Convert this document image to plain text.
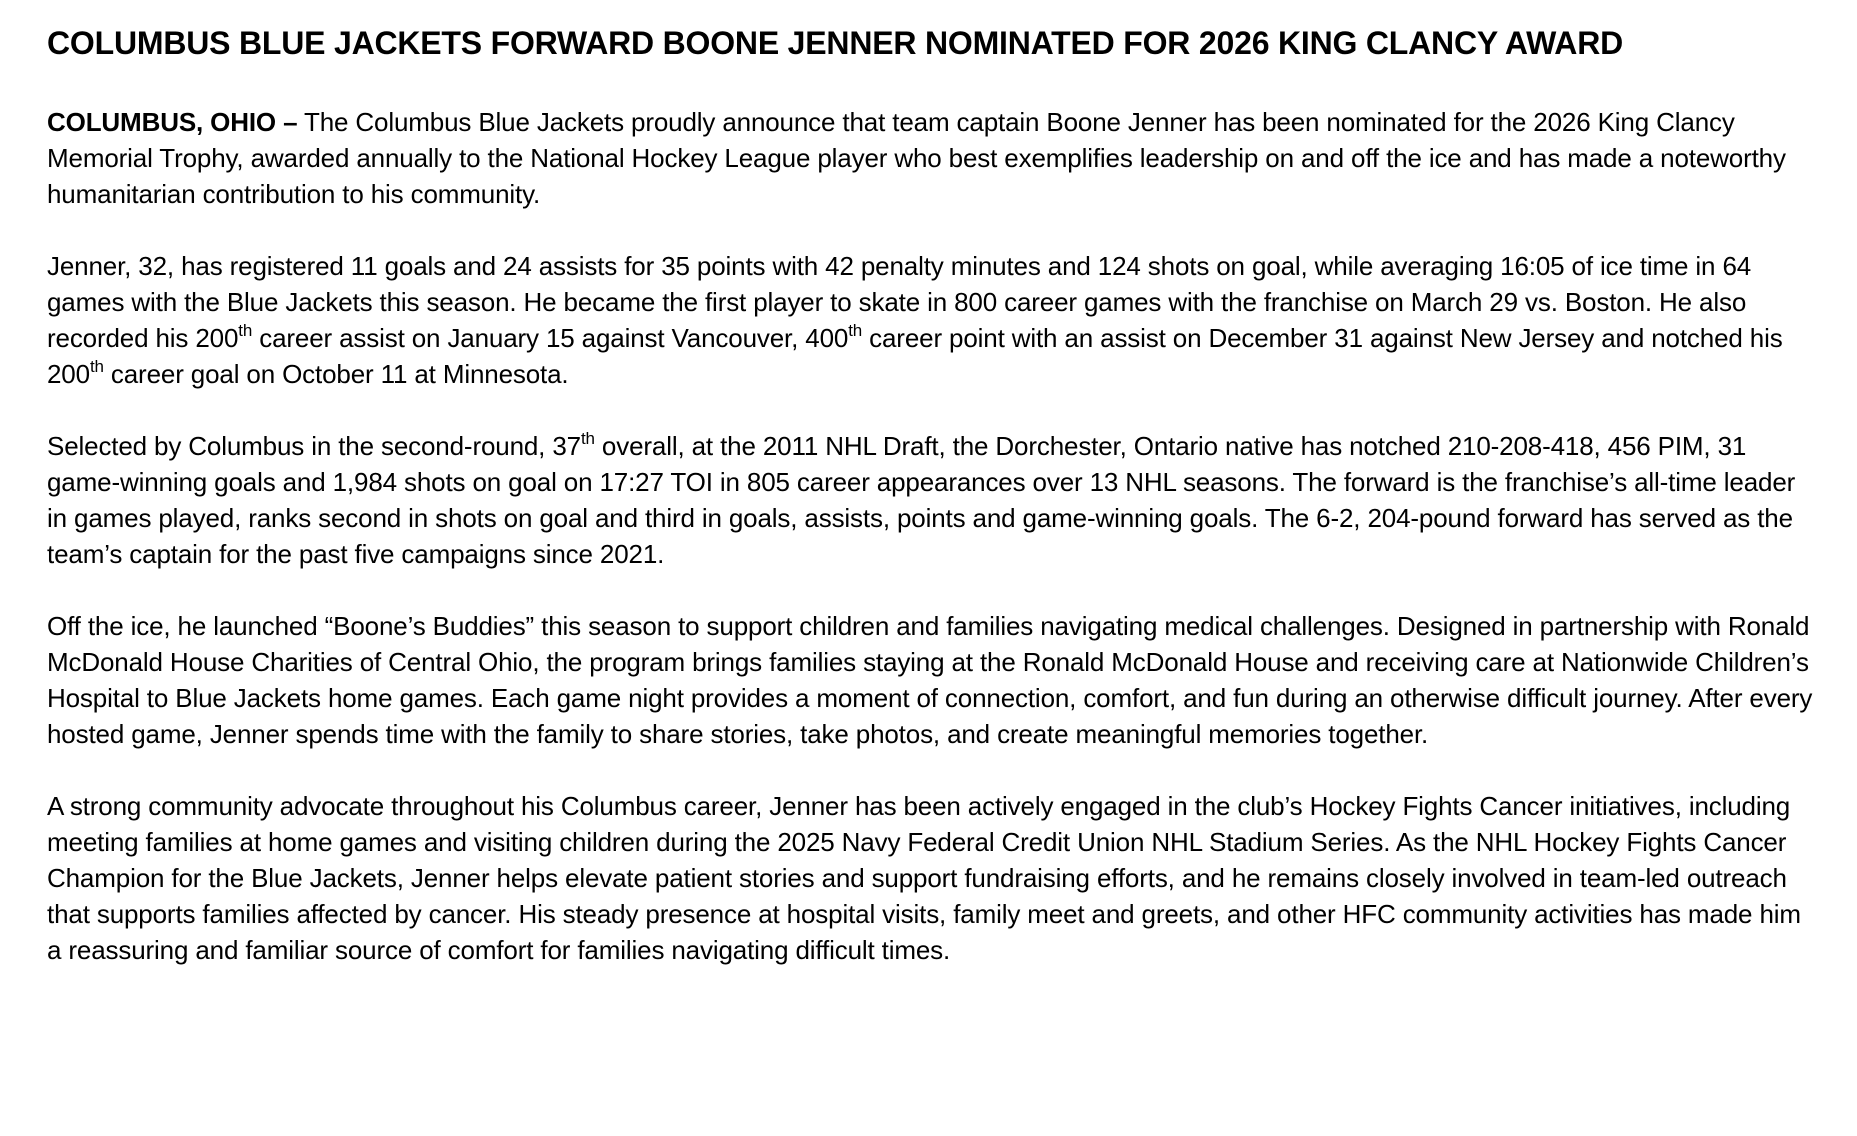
COLUMBUS BLUE JACKETS FORWARD BOONE JENNER NOMINATED FOR 2026 KING CLANCY AWARD

COLUMBUS, OHIO – The Columbus Blue Jackets proudly announce that team captain Boone Jenner has been nominated for the 2026 King Clancy Memorial Trophy, awarded annually to the National Hockey League player who best exemplifies leadership on and off the ice and has made a noteworthy humanitarian contribution to his community.

Jenner, 32, has registered 11 goals and 24 assists for 35 points with 42 penalty minutes and 124 shots on goal, while averaging 16:05 of ice time in 64 games with the Blue Jackets this season. He became the first player to skate in 800 career games with the franchise on March 29 vs. Boston. He also recorded his 200th career assist on January 15 against Vancouver, 400th career point with an assist on December 31 against New Jersey and notched his 200th career goal on October 11 at Minnesota.

Selected by Columbus in the second-round, 37th overall, at the 2011 NHL Draft, the Dorchester, Ontario native has notched 210-208-418, 456 PIM, 31 game-winning goals and 1,984 shots on goal on 17:27 TOI in 805 career appearances over 13 NHL seasons. The forward is the franchise’s all-time leader in games played, ranks second in shots on goal and third in goals, assists, points and game-winning goals. The 6-2, 204-pound forward has served as the team’s captain for the past five campaigns since 2021.

Off the ice, he launched “Boone’s Buddies” this season to support children and families navigating medical challenges. Designed in partnership with Ronald McDonald House Charities of Central Ohio, the program brings families staying at the Ronald McDonald House and receiving care at Nationwide Children’s Hospital to Blue Jackets home games. Each game night provides a moment of connection, comfort, and fun during an otherwise difficult journey. After every hosted game, Jenner spends time with the family to share stories, take photos, and create meaningful memories together.

A strong community advocate throughout his Columbus career, Jenner has been actively engaged in the club’s Hockey Fights Cancer initiatives, including meeting families at home games and visiting children during the 2025 Navy Federal Credit Union NHL Stadium Series. As the NHL Hockey Fights Cancer Champion for the Blue Jackets, Jenner helps elevate patient stories and support fundraising efforts, and he remains closely involved in team-led outreach that supports families affected by cancer. His steady presence at hospital visits, family meet and greets, and other HFC community activities has made him a reassuring and familiar source of comfort for families navigating difficult times.
